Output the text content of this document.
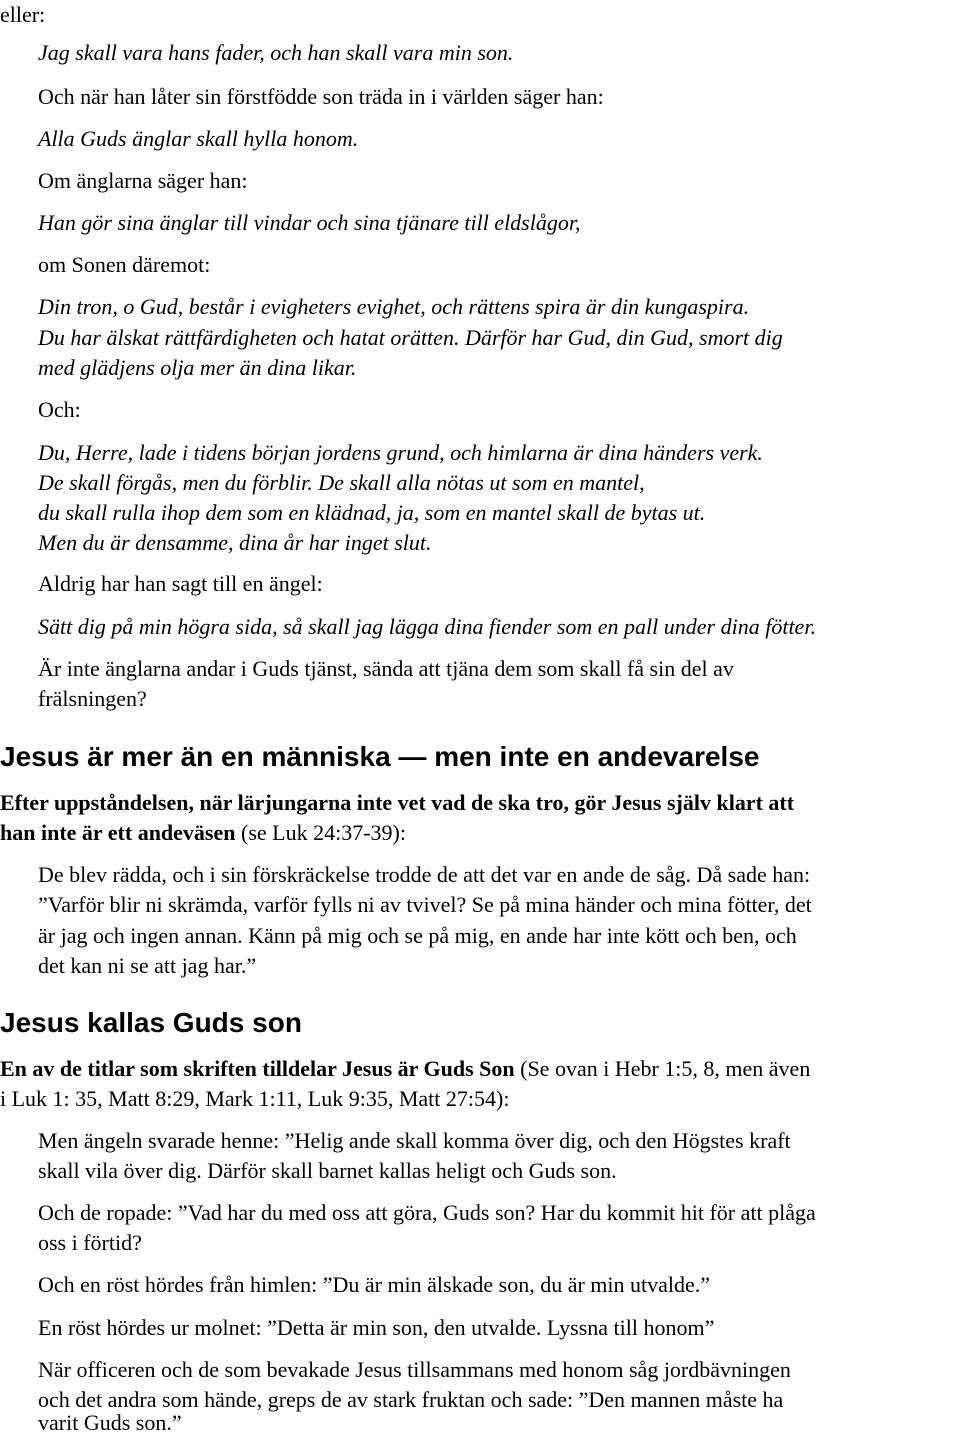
eller:

Jag skall vara hans fader, och han skall vara min son.

Och när han låter sin förstfödde son träda in i världen säger han:

Alla Guds änglar skall hylla honom.

Om änglarna säger han:

Han gör sina änglar till vindar och sina tjänare till eldslågor,

om Sonen däremot:

Din tron, o Gud, består i evigheters evighet, och rättens spira är din kungaspira.

Du har älskat rättfärdigheten och hatat orätten. Därför har Gud, din Gud, smort dig

med glädjens olja mer än dina likar.

Och:

Du, Herre, lade i tidens början jordens grund, och himlarna är dina händers verk.

De skall förgås, men du förblir. De skall alla nötas ut som en mantel,

du skall rulla ihop dem som en klädnad, ja, som en mantel skall de bytas ut.

Men du är densamme, dina år har inget slut.

Aldrig har han sagt till en ängel:

Sätt dig på min högra sida, så skall jag lägga dina fiender som en pall under dina fötter.

Är inte änglarna andar i Guds tjänst, sända att tjäna dem som skall få sin del av

frälsningen?

Jesus är mer än en människa — men inte en andevarelse

Efter uppståndelsen, när lärjungarna inte vet vad de ska tro, gör Jesus själv klart att

han inte är ett andeväsen (se Luk 24:37-39):

De blev rädda, och i sin förskräckelse trodde de att det var en ande de såg. Då sade han:

”Varför blir ni skrämda, varför fylls ni av tvivel? Se på mina händer och mina fötter, det

är jag och ingen annan. Känn på mig och se på mig, en ande har inte kött och ben, och

det kan ni se att jag har.”

Jesus kallas Guds son

En av de titlar som skriften tilldelar Jesus är Guds Son (Se ovan i Hebr 1:5, 8, men även

i Luk 1: 35, Matt 8:29, Mark 1:11, Luk 9:35, Matt 27:54):

Men ängeln svarade henne: ”Helig ande skall komma över dig, och den Högstes kraft

skall vila över dig. Därför skall barnet kallas heligt och Guds son.

Och de ropade: ”Vad har du med oss att göra, Guds son? Har du kommit hit för att plåga

oss i förtid?

Och en röst hördes från himlen: ”Du är min älskade son, du är min utvalde.”

En röst hördes ur molnet: ”Detta är min son, den utvalde. Lyssna till honom”

När officeren och de som bevakade Jesus tillsammans med honom såg jordbävningen

och det andra som hände, greps de av stark fruktan och sade: ”Den mannen måste ha

varit Guds son.”
